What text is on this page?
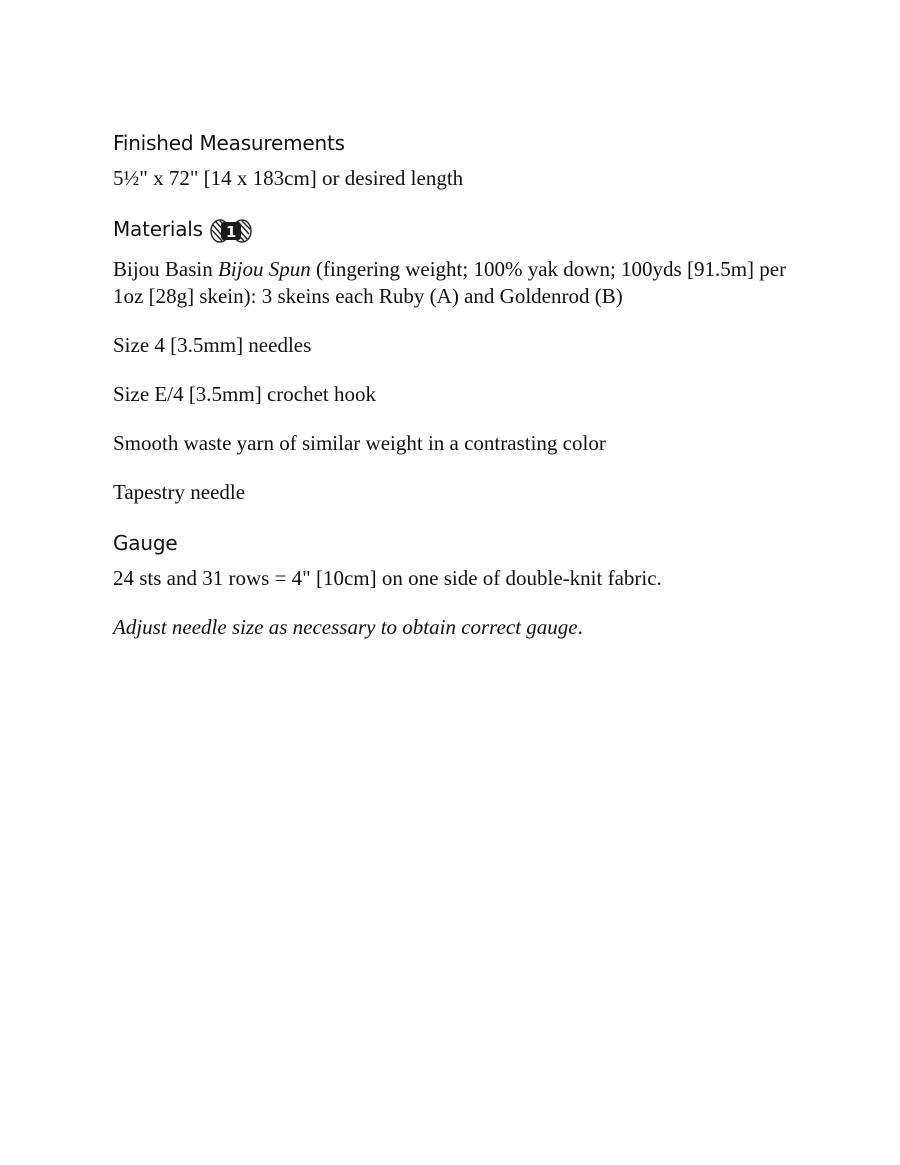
Finished Measurements

5½" x 72" [14 x 183cm] or desired length

Materials 1

Bijou Basin Bijou Spun (fingering weight; 100% yak down; 100yds [91.5m] per 1oz [28g] skein): 3 skeins each Ruby (A) and Goldenrod (B)

Size 4 [3.5mm] needles

Size E/4 [3.5mm] crochet hook

Smooth waste yarn of similar weight in a contrasting color

Tapestry needle

Gauge

24 sts and 31 rows = 4" [10cm] on one side of double-knit fabric.

Adjust needle size as necessary to obtain correct gauge.
